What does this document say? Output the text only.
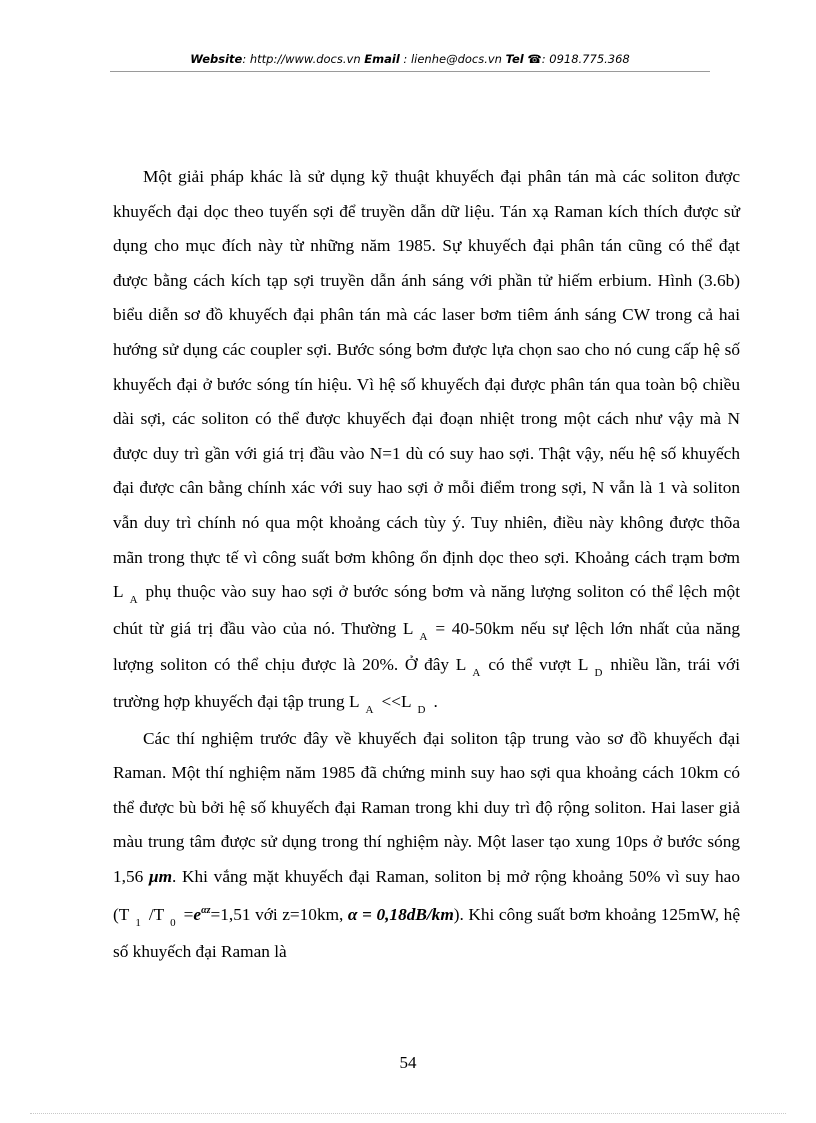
Website: http://www.docs.vn Email : lienhe@docs.vn Tel ☎: 0918.775.368

Một giải pháp khác là sử dụng kỹ thuật khuyếch đại phân tán mà các soliton được khuyếch đại dọc theo tuyến sợi để truyền dẫn dữ liệu. Tán xạ Raman kích thích được sử dụng cho mục đích này từ những năm 1985. Sự khuyếch đại phân tán cũng có thể đạt được bằng cách kích tạp sợi truyền dẫn ánh sáng với phần tử hiếm erbium. Hình (3.6b) biểu diễn sơ đồ khuyếch đại phân tán mà các laser bơm tiêm ánh sáng CW trong cả hai hướng sử dụng các coupler sợi. Bước sóng bơm được lựa chọn sao cho nó cung cấp hệ số khuyếch đại ở bước sóng tín hiệu. Vì hệ số khuyếch đại được phân tán qua toàn bộ chiều dài sợi, các soliton có thể được khuyếch đại đoạn nhiệt trong một cách như vậy mà N được duy trì gần với giá trị đầu vào N=1 dù có suy hao sợi. Thật vậy, nếu hệ số khuyếch đại được cân bằng chính xác với suy hao sợi ở mỗi điểm trong sợi, N vẫn là 1 và soliton vẫn duy trì chính nó qua một khoảng cách tùy ý. Tuy nhiên, điều này không được thõa mãn trong thực tế vì công suất bơm không ổn định dọc theo sợi. Khoảng cách trạm bơm L $_A$ phụ thuộc vào suy hao sợi ở bước sóng bơm và năng lượng soliton có thể lệch một chút từ giá trị đầu vào của nó. Thường L $_A$ = 40-50km nếu sự lệch lớn nhất của năng lượng soliton có thể chịu được là 20%. Ở đây L $_A$ có thể vượt L $_D$ nhiều lần, trái với trường hợp khuyếch đại tập trung L $_A$ <<L $_D$ .

Các thí nghiệm trước đây về khuyếch đại soliton tập trung vào sơ đồ khuyếch đại Raman. Một thí nghiệm năm 1985 đã chứng minh suy hao sợi qua khoảng cách 10km có thể được bù bởi hệ số khuyếch đại Raman trong khi duy trì độ rộng soliton. Hai laser giả màu trung tâm được sử dụng trong thí nghiệm này. Một laser tạo xung 10ps ở bước sóng 1,56 μm. Khi vắng mặt khuyếch đại Raman, soliton bị mở rộng khoảng 50% vì suy hao (T $_1$ /T $_0 =e^{\alpha z}=1,51$ với z=10km, α = 0,18dB/km). Khi công suất bơm khoảng 125mW, hệ số khuyếch đại Raman là

54
